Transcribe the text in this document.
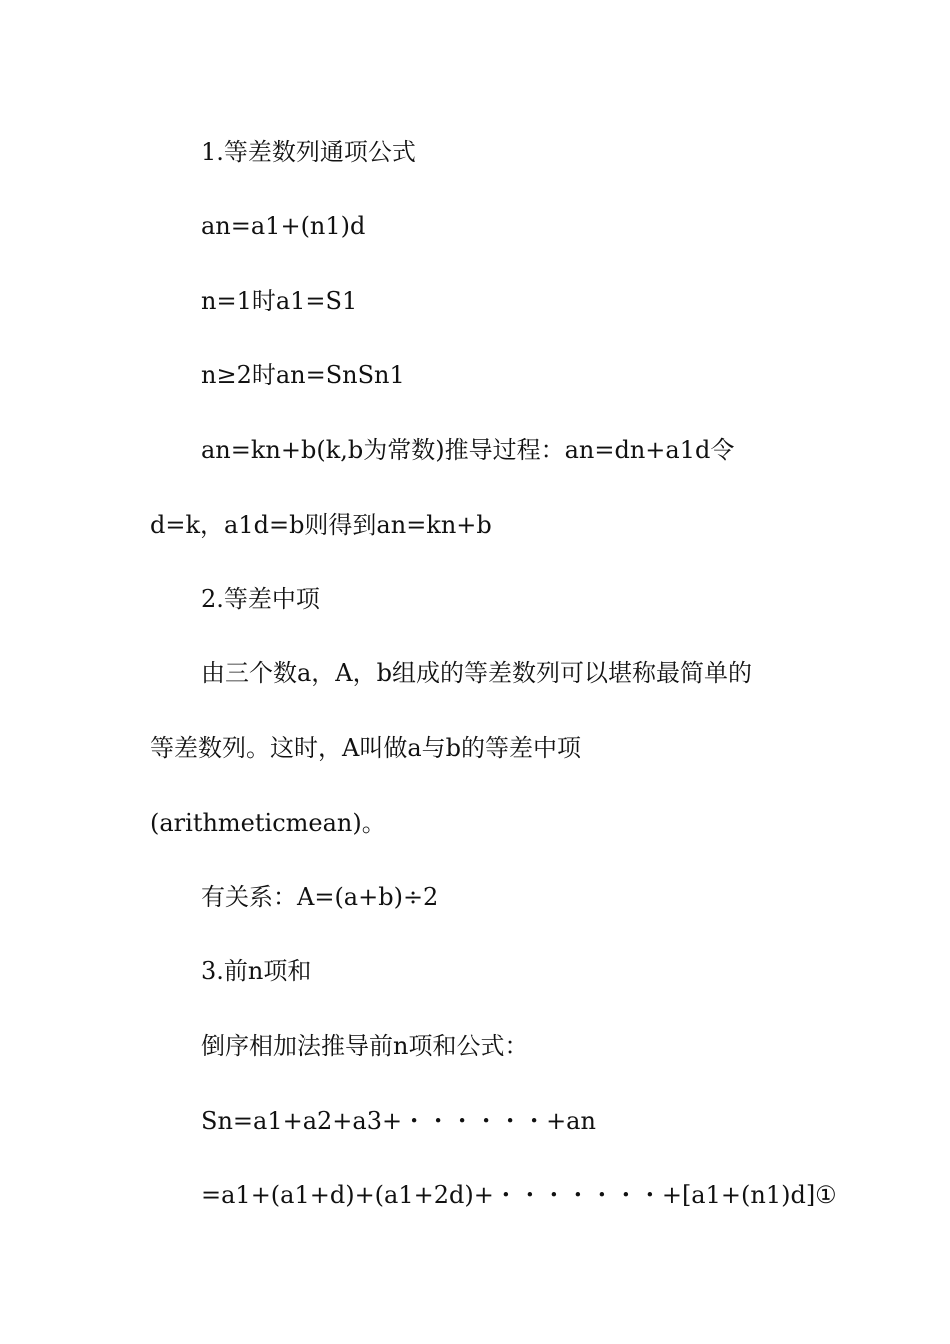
1.等差数列通项公式
an=a1+(n1)d
n=1时a1=S1
n≥2时an=SnSn1
an=kn+b(k,b为常数)推导过程：an=dn+a1d令
d=k，a1d=b则得到an=kn+b
2.等差中项
由三个数a，A，b组成的等差数列可以堪称最简单的
等差数列。这时，A叫做a与b的等差中项
(arithmeticmean)。
有关系：A=(a+b)÷2
3.前n项和
倒序相加法推导前n项和公式：
Sn=a1+a2+a3+・・・・・・+an
=a1+(a1+d)+(a1+2d)+・・・・・・・+[a1+(n1)d]①
